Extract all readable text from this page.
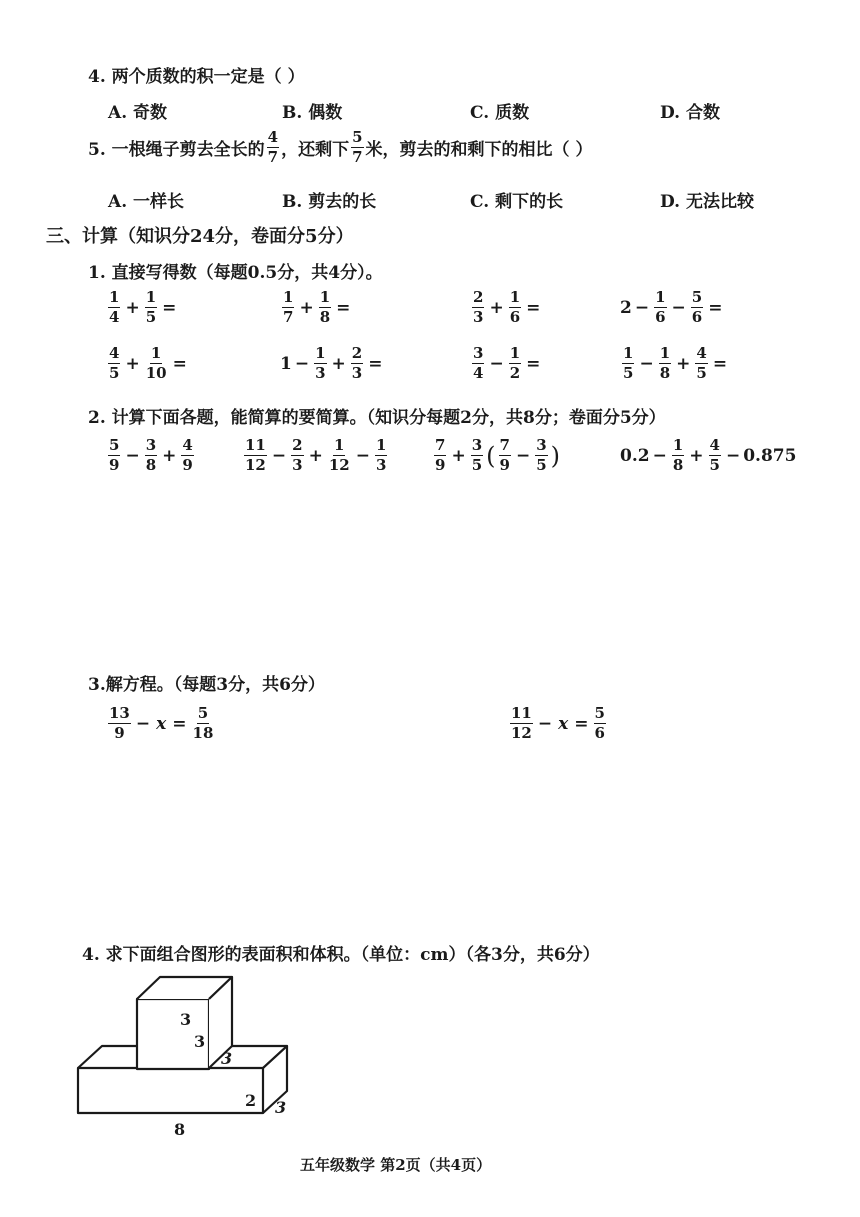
4. 两个质数的积一定是（ ）
A. 奇数	B. 偶数	C. 质数	D. 合数
5. 一根绳子剪去全长的 $\frac{4}{7}$ ，还剩下 $\frac{5}{7}$ 米，剪去的和剩下的相比（ ）
A. 一样长	B. 剪去的长	C. 剩下的长	D. 无法比较
三、计算（知识分24分，卷面分5分）
1. 直接写得数（每题0.5分，共4分）。
$\frac{1}{4} + \frac{1}{5}$ =	$\frac{1}{7} + \frac{1}{8}$ =	$\frac{2}{3} + \frac{1}{6}$ =	$2 - \frac{1}{6} - \frac{5}{6}$ =
$\frac{4}{5} + \frac{1}{10}$ =	$1 - \frac{1}{3} + \frac{2}{3}$ =	$\frac{3}{4} - \frac{1}{2}$ =	$\frac{1}{5} - \frac{1}{8} + \frac{4}{5}$ =
2. 计算下面各题，能简算的要简算。（知识分每题2分，共8分；卷面分5分）
$\frac{5}{9} - \frac{3}{8} + \frac{4}{9}$	$\frac{11}{12} - \frac{2}{3} + \frac{1}{12} - \frac{1}{3}$	$\frac{7}{9} + \frac{3}{5}$ ( $\frac{7}{9} - \frac{3}{5}$ )	$0.2 - \frac{1}{8} + \frac{4}{5} - 0.875$
3.解方程。（每题3分，共6分）
$\frac{13}{9} - x = \frac{5}{18}$	$\frac{11}{12} - x = \frac{5}{6}$
4. 求下面组合图形的表面积和体积。（单位：cm）（各3分，共6分）
3
3
3
2 3
8
五年级数学 第2页（共4页）
